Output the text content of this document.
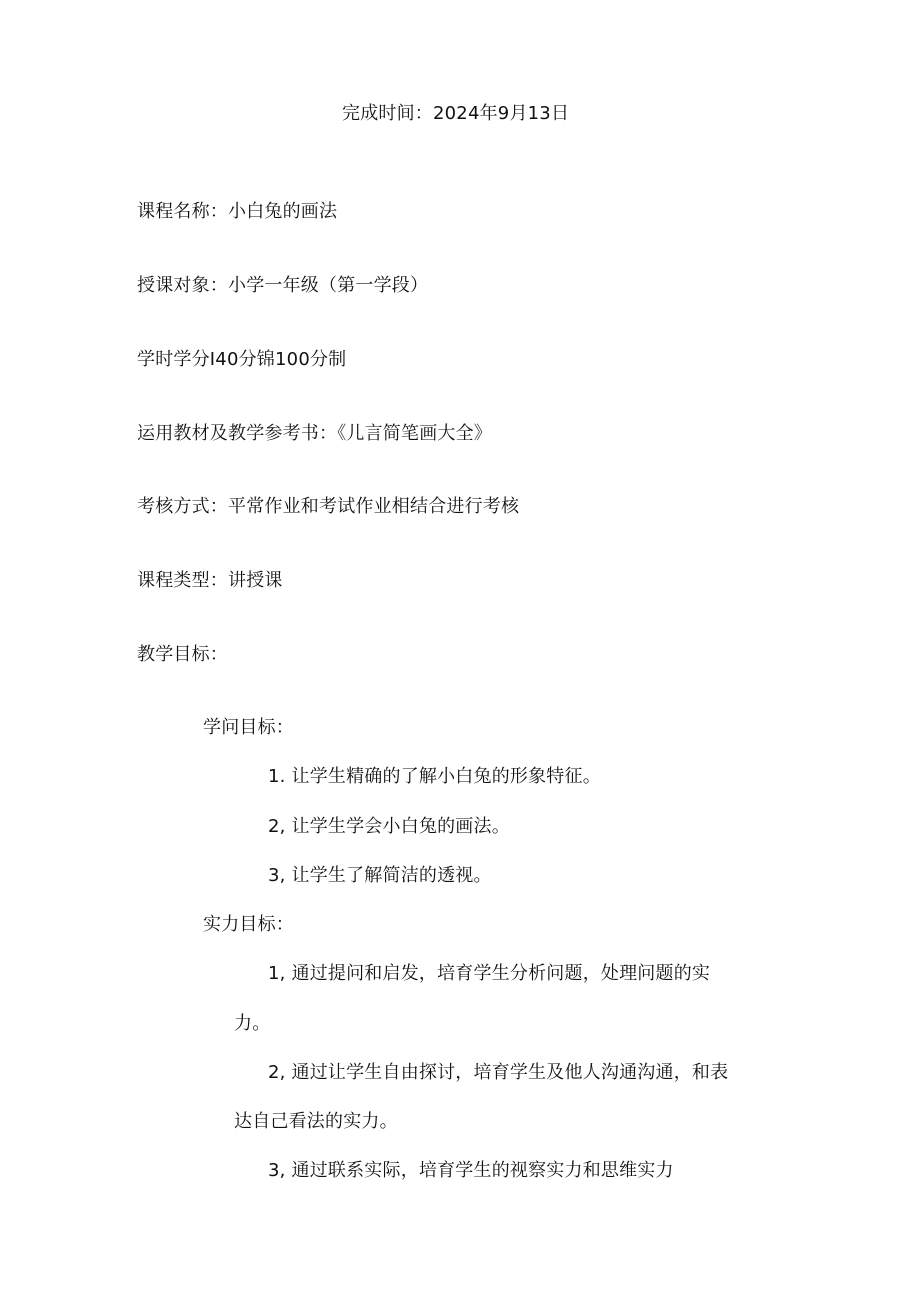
完成时间：2024年9月13日
课程名称：小白兔的画法
授课对象：小学一年级（第一学段）
学时学分I40分锦100分制
运用教材及教学参考书：《儿言简笔画大全》
考核方式：平常作业和考试作业相结合进行考核
课程类型：讲授课
教学目标：
学问目标：
1. 让学生精确的了解小白兔的形象特征。
2, 让学生学会小白兔的画法。
3, 让学生了解简洁的透视。
实力目标：
1, 通过提问和启发，培育学生分析问题，处理问题的实
力。
2, 通过让学生自由探讨，培育学生及他人沟通沟通，和表
达自己看法的实力。
3, 通过联系实际，培育学生的视察实力和思维实力
